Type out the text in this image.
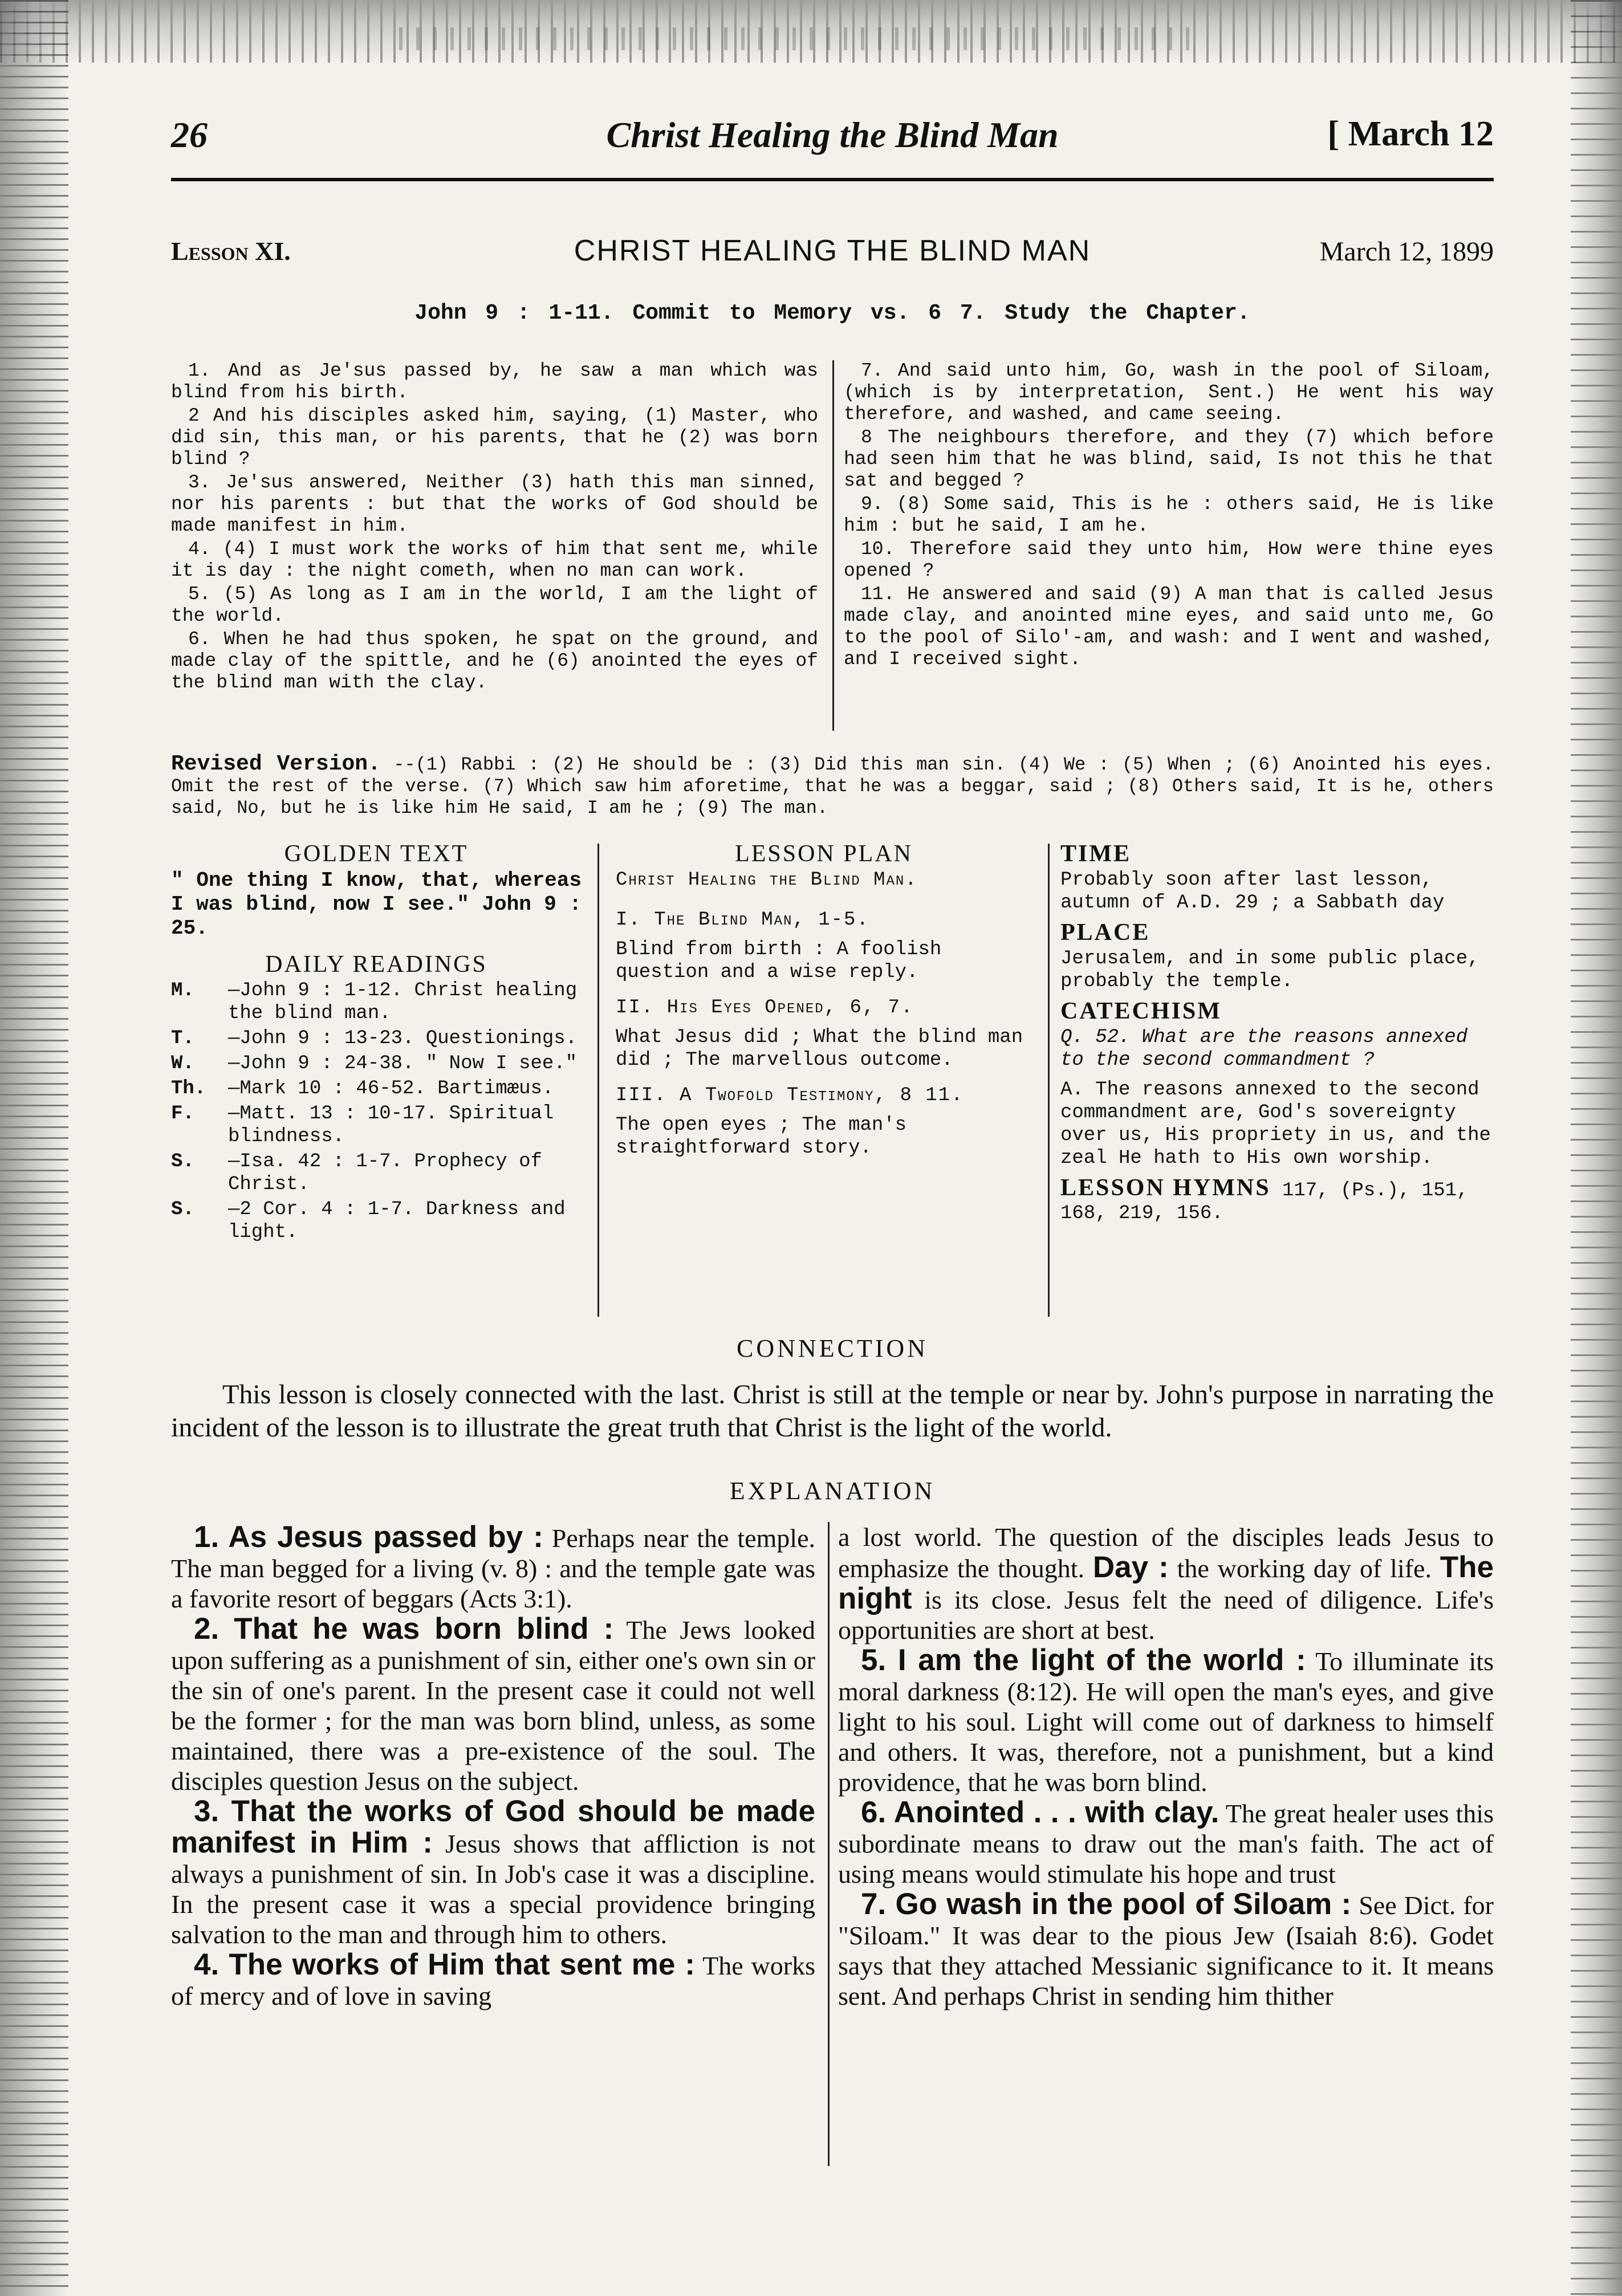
26	Christ Healing the Blind Man	[ March 12
Lesson XI.	CHRIST HEALING THE BLIND MAN	March 12, 1899
John 9 : 1-11. Commit to Memory vs. 6 7. Study the Chapter.

1. And as Je'sus passed by, he saw a man which was blind from his birth.

2 And his disciples asked him, saying, (1) Master, who did sin, this man, or his parents, that he (2) was born blind ?

3. Je'sus answered, Neither (3) hath this man sinned, nor his parents : but that the works of God should be made manifest in him.

4. (4) I must work the works of him that sent me, while it is day : the night cometh, when no man can work.

5. (5) As long as I am in the world, I am the light of the world.

6. When he had thus spoken, he spat on the ground, and made clay of the spittle, and he (6) anointed the eyes of the blind man with the clay.

7. And said unto him, Go, wash in the pool of Siloam, (which is by interpretation, Sent.) He went his way therefore, and washed, and came seeing.

8 The neighbours therefore, and they (7) which before had seen him that he was blind, said, Is not this he that sat and begged ?

9. (8) Some said, This is he : others said, He is like him : but he said, I am he.

10. Therefore said they unto him, How were thine eyes opened ?

11. He answered and said (9) A man that is called Jesus made clay, and anointed mine eyes, and said unto me, Go to the pool of Silo'-am, and wash: and I went and washed, and I received sight.

Revised Version. --(1) Rabbi : (2) He should be : (3) Did this man sin. (4) We : (5) When ; (6) Anointed his eyes. Omit the rest of the verse. (7) Which saw him aforetime, that he was a beggar, said ; (8) Others said, It is he, others said, No, but he is like him He said, I am he ; (9) The man.
GOLDEN TEXT

" One thing I know, that, whereas I was blind, now I see." John 9 : 25.

DAILY READINGS
M.	—John 9 : 1-12. Christ healing the blind man.
T.	—John 9 : 13-23. Questionings.
W.	—John 9 : 24-38. " Now I see."
Th.	—Mark 10 : 46-52. Bartimæus.
F.	—Matt. 13 : 10-17. Spiritual blindness.
S.	—Isa. 42 : 1-7. Prophecy of Christ.
S.	—2 Cor. 4 : 1-7. Darkness and light.
LESSON PLAN

Christ Healing the Blind Man.

I. The Blind Man, 1-5.

Blind from birth : A foolish question and a wise reply.

II. His Eyes Opened, 6, 7.

What Jesus did ; What the blind man did ; The marvellous outcome.

III. A Twofold Testimony, 8 11.

The open eyes ; The man's straightforward story.

TIME

Probably soon after last lesson, autumn of A.D. 29 ; a Sabbath day

PLACE

Jerusalem, and in some public place, probably the temple.

CATECHISM

Q. 52. What are the reasons annexed to the second commandment ?

A. The reasons annexed to the second commandment are, God's sovereignty over us, His propriety in us, and the zeal He hath to His own worship.

LESSON HYMNS 117, (Ps.), 151, 168, 219, 156.

CONNECTION
This lesson is closely connected with the last. Christ is still at the temple or near by. John's purpose in narrating the incident of the lesson is to illustrate the great truth that Christ is the light of the world.
EXPLANATION

1. As Jesus passed by : Perhaps near the temple. The man begged for a living (v. 8) : and the temple gate was a favorite resort of beggars (Acts 3:1).

2. That he was born blind : The Jews looked upon suffering as a punishment of sin, either one's own sin or the sin of one's parent. In the present case it could not well be the former ; for the man was born blind, unless, as some maintained, there was a pre-existence of the soul. The disciples question Jesus on the subject.

3. That the works of God should be made manifest in Him : Jesus shows that affliction is not always a punishment of sin. In Job's case it was a discipline. In the present case it was a special providence bringing salvation to the man and through him to others.

4. The works of Him that sent me : The works of mercy and of love in saving

a lost world. The question of the disciples leads Jesus to emphasize the thought. Day : the working day of life. The night is its close. Jesus felt the need of diligence. Life's opportunities are short at best.

5. I am the light of the world : To illuminate its moral darkness (8:12). He will open the man's eyes, and give light to his soul. Light will come out of darkness to himself and others. It was, therefore, not a punishment, but a kind providence, that he was born blind.

6. Anointed . . . with clay. The great healer uses this subordinate means to draw out the man's faith. The act of using means would stimulate his hope and trust

7. Go wash in the pool of Siloam : See Dict. for "Siloam." It was dear to the pious Jew (Isaiah 8:6). Godet says that they attached Messianic significance to it. It means sent. And perhaps Christ in sending him thither
